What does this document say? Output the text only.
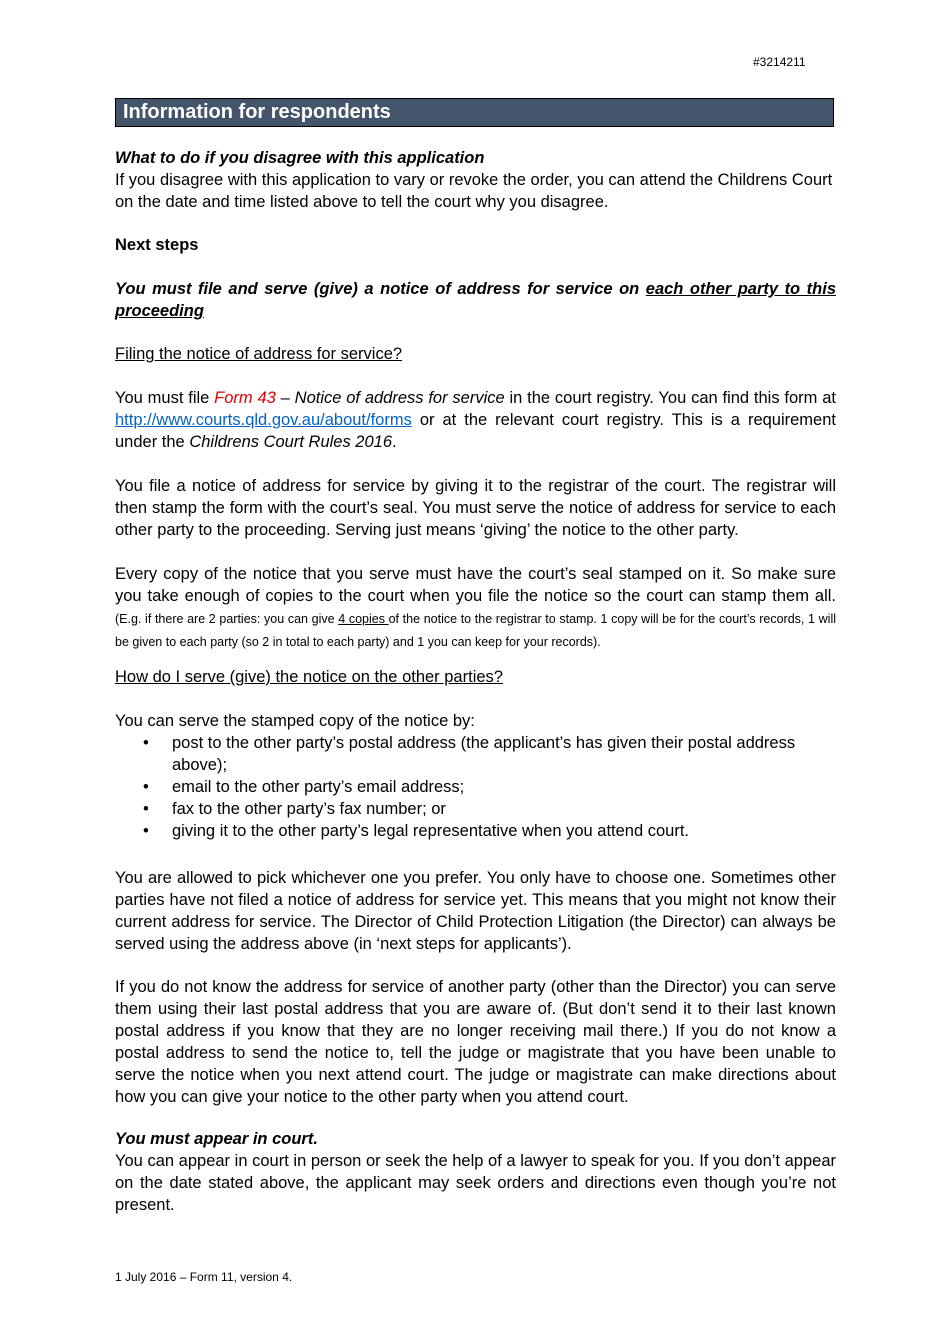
#3214211
Information for respondents
What to do if you disagree with this application
If you disagree with this application to vary or revoke the order, you can attend the Childrens Court on the date and time listed above to tell the court why you disagree.
Next steps
You must file and serve (give) a notice of address for service on each other party to this proceeding
Filing the notice of address for service?
You must file Form 43 – Notice of address for service in the court registry. You can find this form at http://www.courts.qld.gov.au/about/forms or at the relevant court registry. This is a requirement under the Childrens Court Rules 2016.
You file a notice of address for service by giving it to the registrar of the court. The registrar will then stamp the form with the court’s seal. You must serve the notice of address for service to each other party to the proceeding. Serving just means ‘giving’ the notice to the other party.
Every copy of the notice that you serve must have the court’s seal stamped on it. So make sure you take enough of copies to the court when you file the notice so the court can stamp them all. (E.g. if there are 2 parties: you can give 4 copies of the notice to the registrar to stamp. 1 copy will be for the court’s records, 1 will be given to each party (so 2 in total to each party) and 1 you can keep for your records).
How do I serve (give) the notice on the other parties?
You can serve the stamped copy of the notice by:
• post to the other party’s postal address (the applicant’s has given their postal address above);
• email to the other party’s email address;
• fax to the other party’s fax number; or
• giving it to the other party’s legal representative when you attend court.
You are allowed to pick whichever one you prefer. You only have to choose one. Sometimes other parties have not filed a notice of address for service yet. This means that you might not know their current address for service. The Director of Child Protection Litigation (the Director) can always be served using the address above (in ‘next steps for applicants’).
If you do not know the address for service of another party (other than the Director) you can serve them using their last postal address that you are aware of. (But don’t send it to their last known postal address if you know that they are no longer receiving mail there.) If you do not know a postal address to send the notice to, tell the judge or magistrate that you have been unable to serve the notice when you next attend court. The judge or magistrate can make directions about how you can give your notice to the other party when you attend court.
You must appear in court.
You can appear in court in person or seek the help of a lawyer to speak for you. If you don’t appear on the date stated above, the applicant may seek orders and directions even though you’re not present.
1 July 2016 – Form 11, version 4.
